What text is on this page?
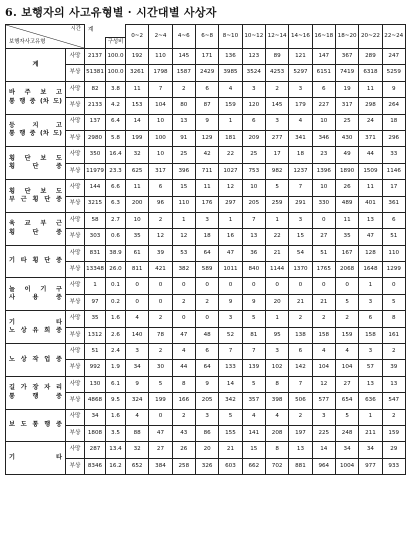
6. 보행자의 사고유형별 · 시간대별 사상자
시간
보행자사고유형		계		0~2	2~4	4~6	6~8	8~10	10~12	12~14	14~16	16~18	18~20	20~22	22~24
			구성비												

계	사망	2137	100.0	192	110	145	171	136	123	89	121	147	367	289	247
	부상	51381	100.0	3261	1798	1587	2429	3985	3524	4253	5297	6151	7419	6318	5259

바 주 보 고
통 행 중 (차 도)	사망	82	3.8	11	7	2	6	4	3	2	3	6	19	11	9
	부상	2133	4.2	153	104	80	87	159	120	145	179	227	317	298	264

등 지 고
통 행 중 (차 도)	사망	137	6.4	14	10	13	9	1	6	3	4	10	25	24	18
	부상	2980	5.8	199	100	91	129	181	209	277	341	346	430	371	296

횡 단 보 도
횡 단 중	사망	350	16.4	32	10	25	42	22	25	17	18	23	49	44	33
	부상	11979	23.3	625	317	396	711	1027	753	982	1237	1396	1890	1509	1146

횡 단 보 도
부 근 횡 단 중	사망	144	6.6	11	6	15	11	12	10	5	7	10	26	11	17
	부상	3215	6.3	200	96	110	176	297	205	259	291	330	489	401	361

육 교 부 근
횡 단 중	사망	58	2.7	10	2	1	3	1	7	1	3	0	11	13	6
	부상	303	0.6	35	12	12	18	16	13	22	15	27	35	47	51

기 타 횡 단 중	사망	831	38.9	61	39	53	64	47	36	21	54	51	167	128	110
	부상	13348	26.0	811	421	382	589	1011	840	1144	1370	1765	2068	1648	1299

놀 이 기 구
사 용 중	사망	1	0.1	0	0	0	0	0	0	0	0	0	0	1	0
	부상	97	0.2	0	0	2	2	9	9	20	21	21	5	3	5

기 타
노 상 유 희 중	사망	35	1.6	4	2	0	0	3	5	1	2	2	2	6	8
	부상	1312	2.6	140	78	47	48	52	81	95	138	158	159	158	161

노 상 작 업 중	사망	51	2.4	3	2	4	6	7	7	3	6	4	4	3	2
	부상	992	1.9	34	30	44	64	133	139	102	142	104	104	57	39

길 가 장 자 리
통 행 중	사망	130	6.1	9	5	8	9	14	5	8	7	12	27	13	13
	부상	4868	9.5	324	199	166	205	342	357	398	506	577	654	636	547

보 도 통 행 중	사망	34	1.6	4	0	2	3	5	4	4	2	3	5	1	2
	부상	1808	3.5	88	47	43	86	155	141	208	197	225	248	211	159

기 타	사망	287	13.4	32	27	26	20	21	15	8	13	14	34	34	29
	부상	8346	16.2	652	384	258	326	603	662	702	881	964	1004	977	933
